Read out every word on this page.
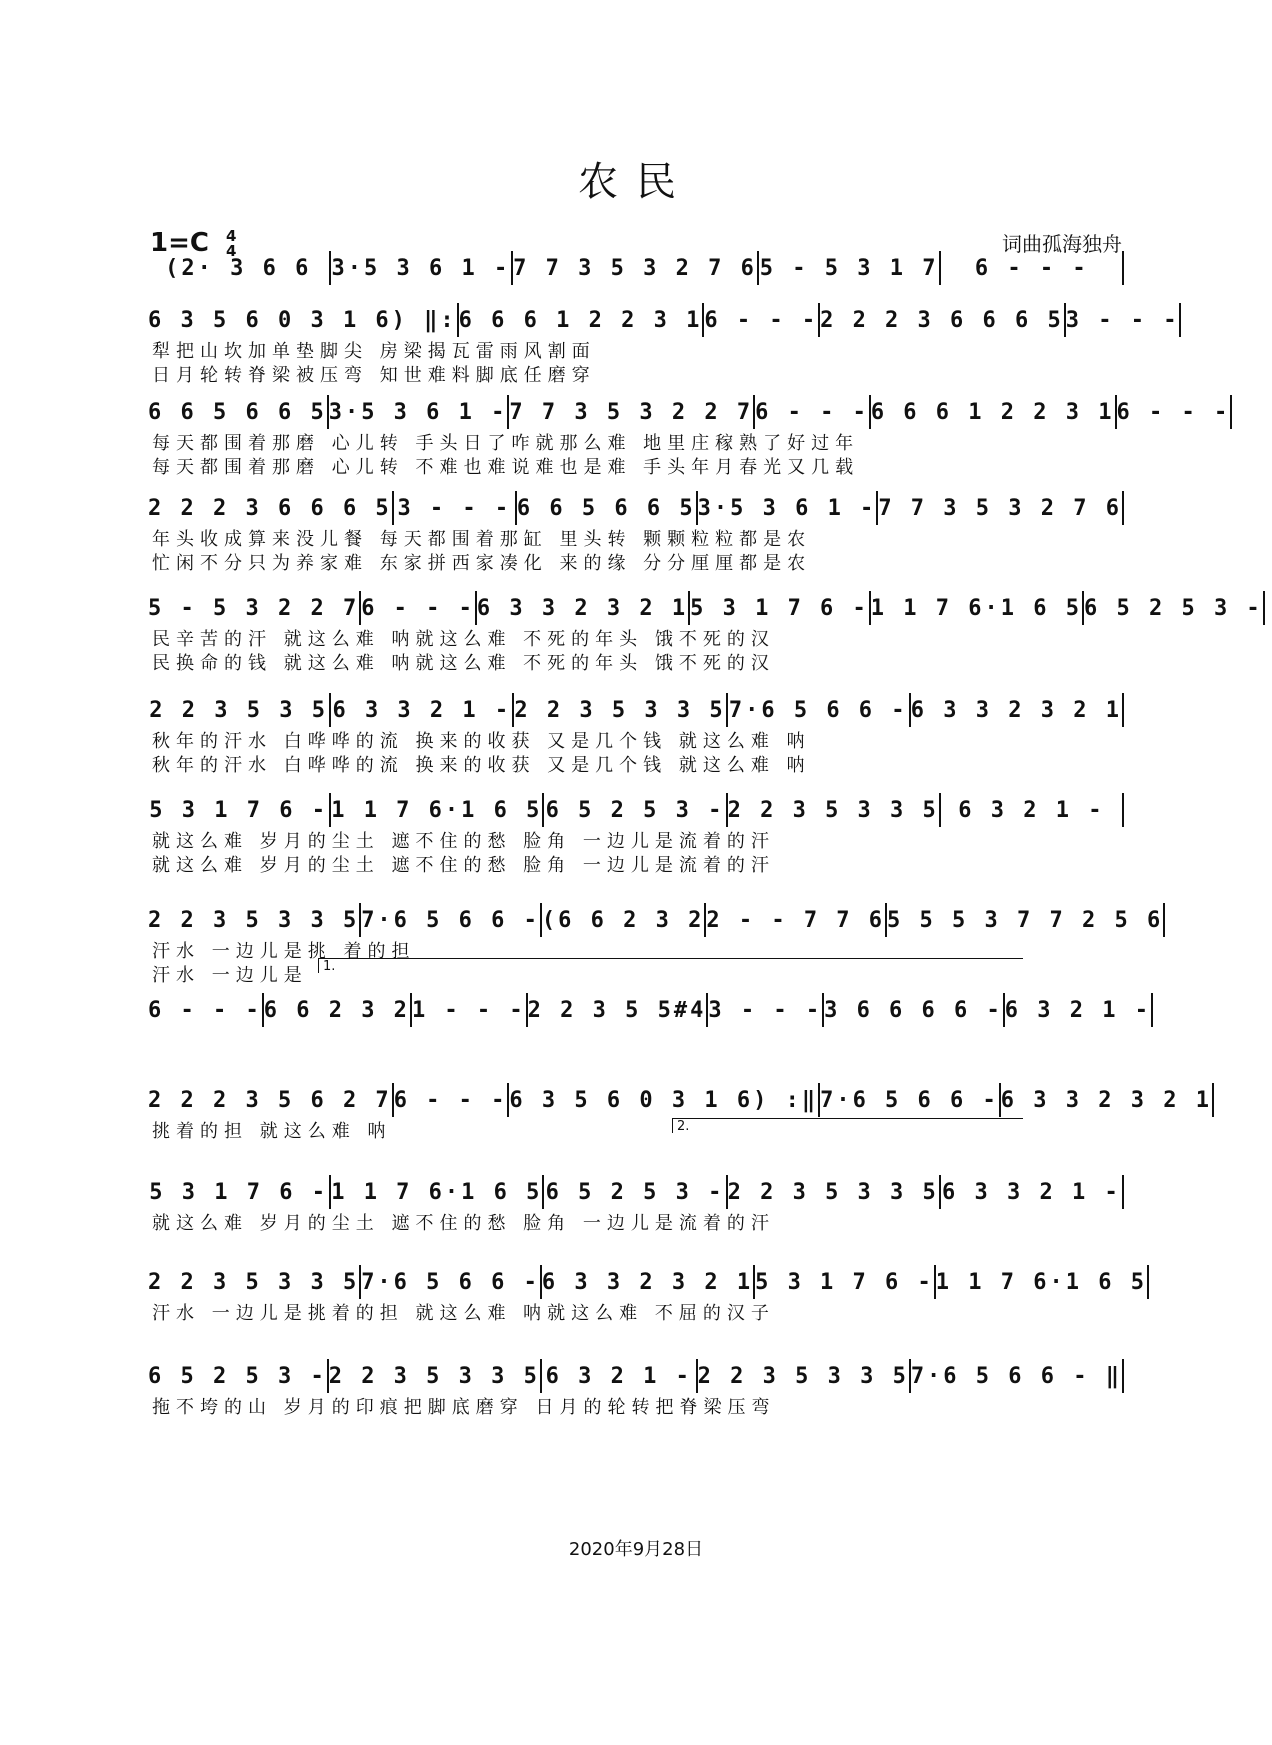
农民
1=C 4
4	词曲孤海独舟
(2· 3 6 6 3·5 3 6 1 - 7 7 3 5 3 2 7 6 5 - 5 3 1 7	6 - - -
6 3 5 6 0 3 1 6) ‖: 6 6 6 1 2 2 3 1 6 - - - 2 2 2 3 6 6 6 5 3 - - -
犁把山坎加单垫脚尖 房梁揭瓦雷雨风割面
日月轮转脊梁被压弯 知世难料脚底任磨穿
6 6 5 6 6 5 3·5 3 6 1 - 7 7 3 5 3 2 2 7 6 - - - 6 6 6 1 2 2 3 1 6 - - -
每天都围着那磨 心儿转 手头日了咋就那么难 地里庄稼熟了好过年
每天都围着那磨 心儿转 不难也难说难也是难 手头年月春光又几载
2 2 2 3 6 6 6 5 3 - - - 6 6 5 6 6 5 3·5 3 6 1 - 7 7 3 5 3 2 7 6
年头收成算来没儿餐 每天都围着那缸 里头转 颗颗粒粒都是农
忙闲不分只为养家难 东家拼西家凑化 来的缘 分分厘厘都是农
5 - 5 3 2 2 7 6 - - - 6 3 3 2 3 2 1 5 3 1 7 6 - 1 1 7 6·1 6 5 6 5 2 5 3 -
民辛苦的汗 就这么难 呐就这么难 不死的年头 饿不死的汉
民换命的钱 就这么难 呐就这么难 不死的年头 饿不死的汉
2 2 3 5 3 5 6 3 3 2 1 - 2 2 3 5 3 3 5 7·6 5 6 6 - 6 3 3 2 3 2 1
秋年的汗水 白哗哗的流 换来的收获 又是几个钱 就这么难 呐
秋年的汗水 白哗哗的流 换来的收获 又是几个钱 就这么难 呐
5 3 1 7 6 - 1 1 7 6·1 6 5 6 5 2 5 3 - 2 2 3 5 3 3 5 6 3 2 1 -
就这么难 岁月的尘土 遮不住的愁 脸角 一边儿是流着的汗
就这么难 岁月的尘土 遮不住的愁 脸角 一边儿是流着的汗
2 2 3 5 3 3 5 7·6 5 6 6 - (6 6 2 3 2 2 - - 7 7 6 5 5 5 3 7 7 2 5 6
汗水 一边儿是挑 着的担
汗水 一边儿是
6 - - - 6 6 2 3 2 1 - - - 2 2 3 5 5#4 3 - - - 3 6 6 6 6 - 6 3 2 1 -
2 2 2 3 5 6 2 7 6 - - - 6 3 5 6 0 3 1 6) :‖ 7·6 5 6 6 - 6 3 3 2 3 2 1
挑着的担 就这么难 呐
5 3 1 7 6 - 1 1 7 6·1 6 5 6 5 2 5 3 - 2 2 3 5 3 3 5 6 3 3 2 1 -
就这么难 岁月的尘土 遮不住的愁 脸角 一边儿是流着的汗
2 2 3 5 3 3 5 7·6 5 6 6 - 6 3 3 2 3 2 1 5 3 1 7 6 - 1 1 7 6·1 6 5
汗水 一边儿是挑着的担 就这么难 呐就这么难 不屈的汉子
6 5 2 5 3 - 2 2 3 5 3 3 5 6 3 2 1 - 2 2 3 5 3 3 5 7·6 5 6 6 - ‖
拖不垮的山 岁月的印痕把脚底磨穿 日月的轮转把脊梁压弯
1.
2.
2020年9月28日
